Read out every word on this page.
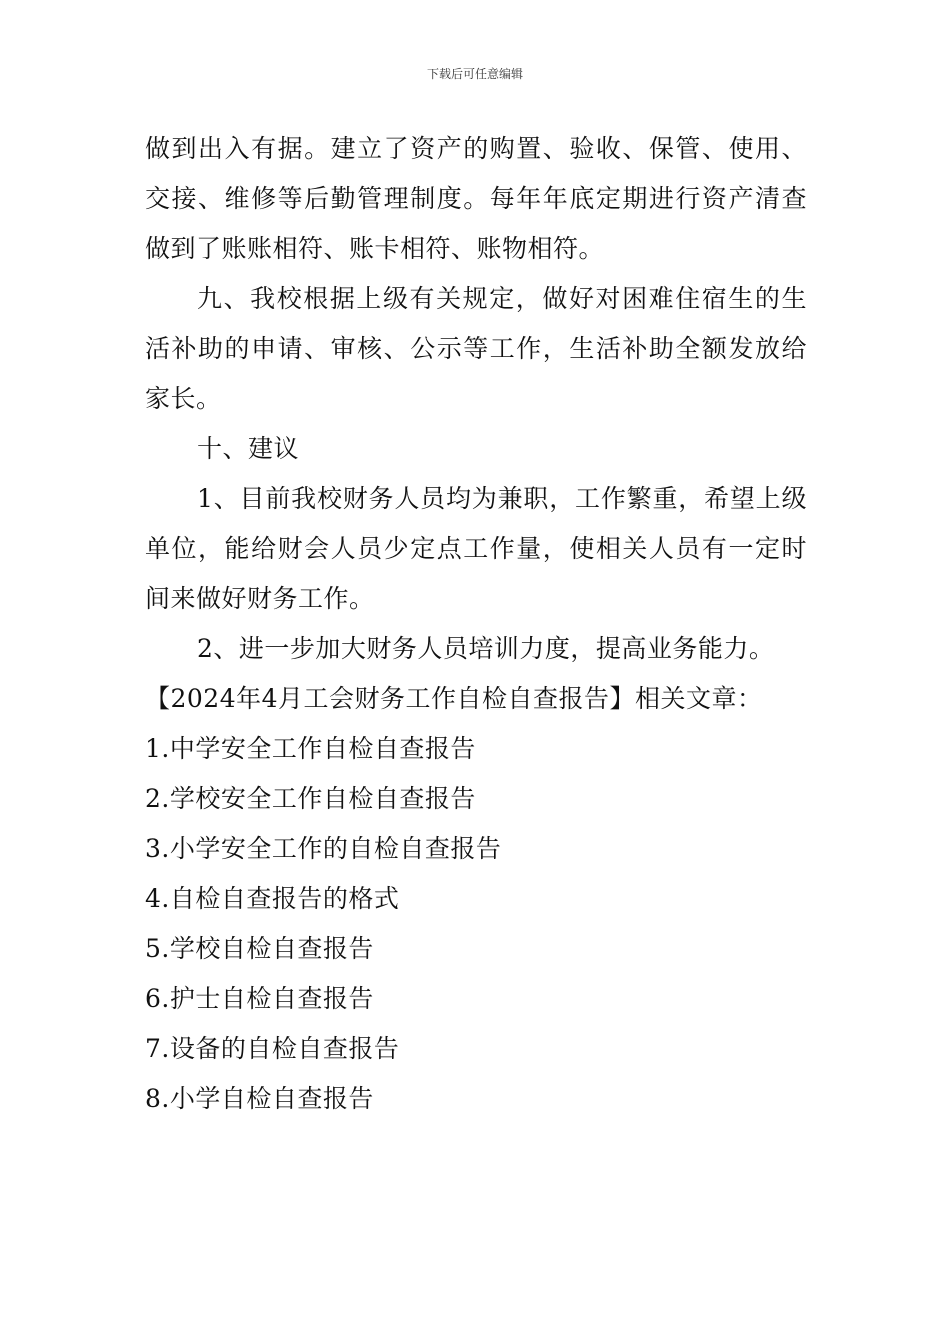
下载后可任意编辑

做到出入有据。建立了资产的购置、验收、保管、使用、交接、维修等后勤管理制度。每年年底定期进行资产清查做到了账账相符、账卡相符、账物相符。

九、我校根据上级有关规定，做好对困难住宿生的生活补助的申请、审核、公示等工作，生活补助全额发放给家长。

十、建议

1、目前我校财务人员均为兼职，工作繁重，希望上级单位，能给财会人员少定点工作量，使相关人员有一定时间来做好财务工作。

2、进一步加大财务人员培训力度，提高业务能力。

【2024年4月工会财务工作自检自查报告】相关文章：

1.中学安全工作自检自查报告

2.学校安全工作自检自查报告

3.小学安全工作的自检自查报告

4.自检自查报告的格式

5.学校自检自查报告

6.护士自检自查报告

7.设备的自检自查报告

8.小学自检自查报告
